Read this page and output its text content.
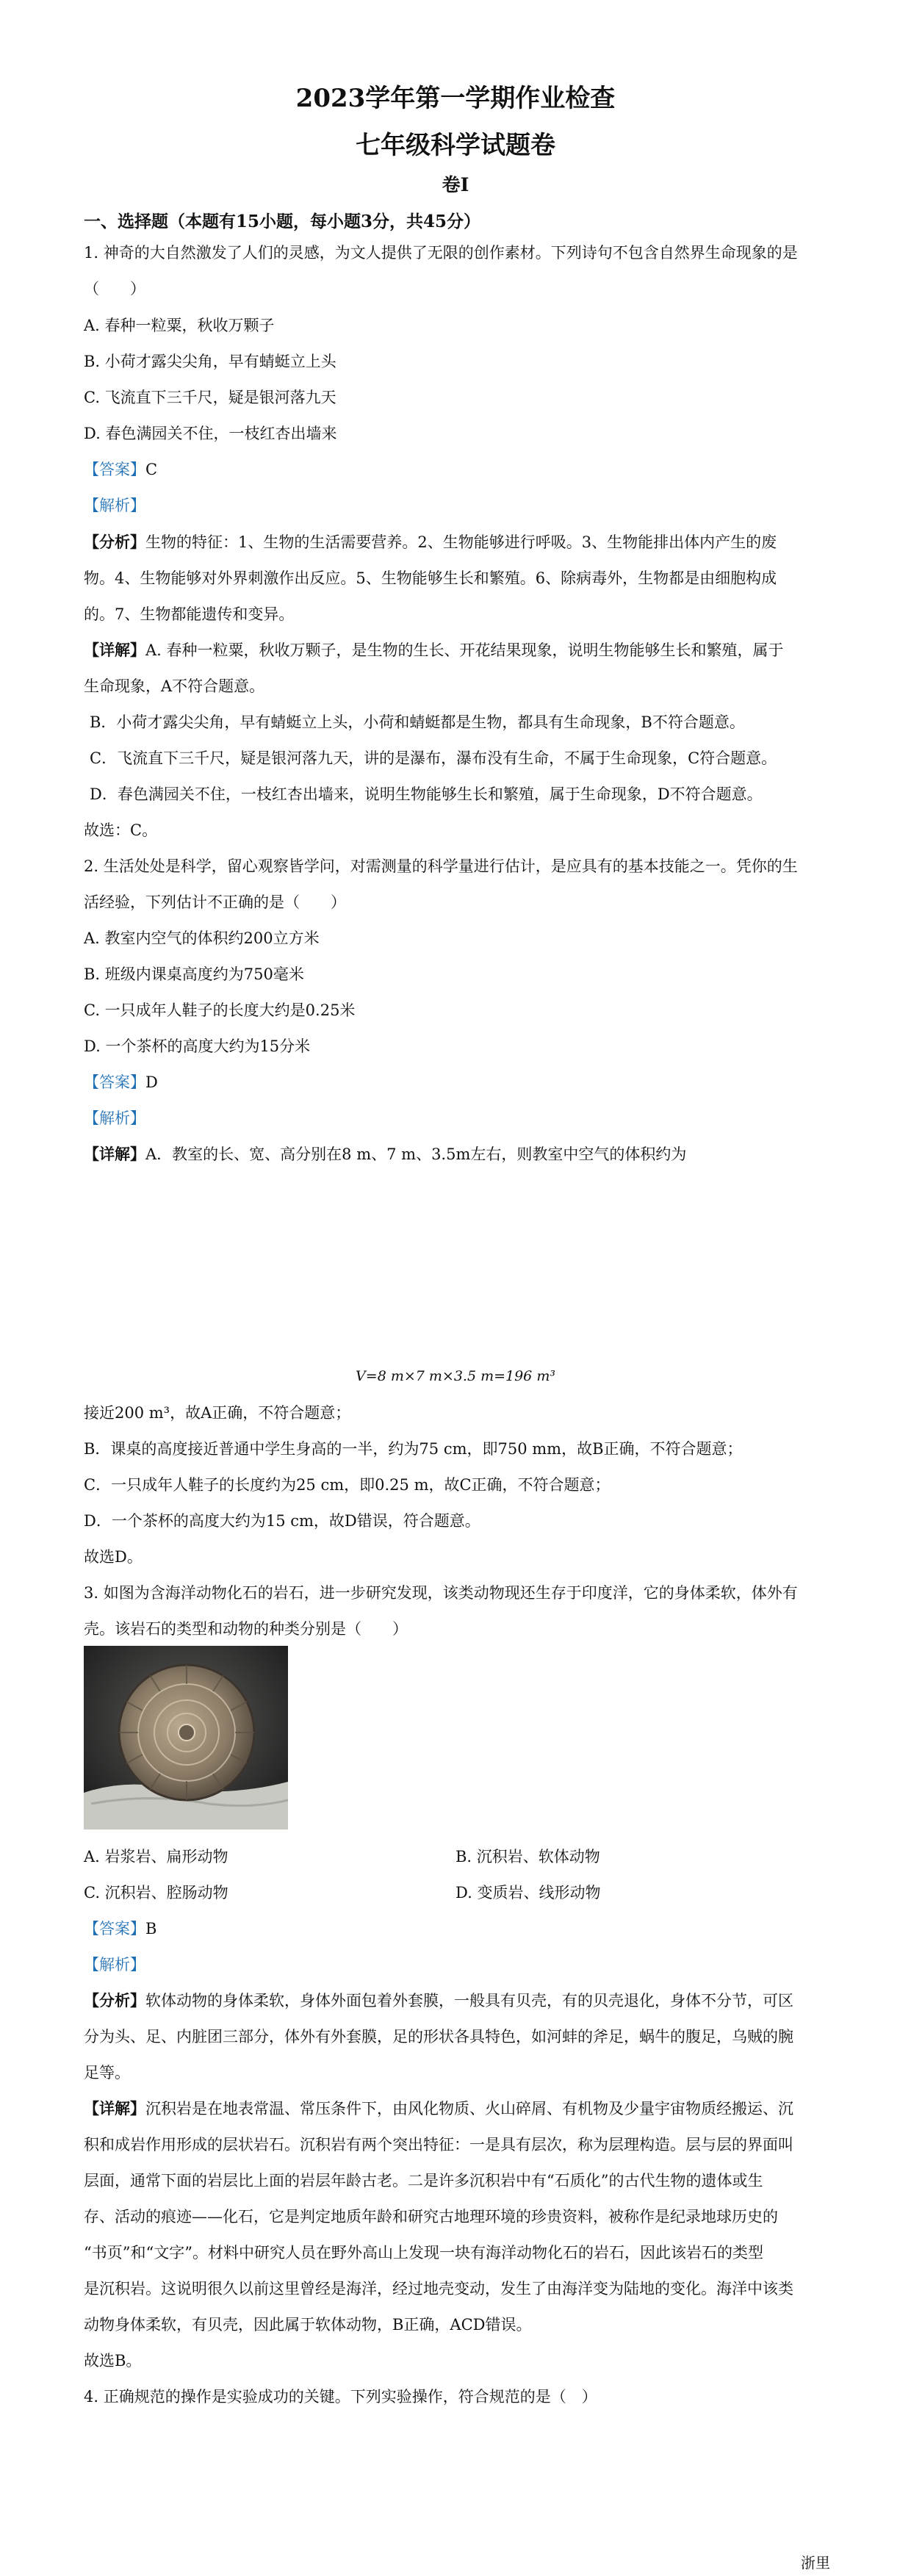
2023学年第一学期作业检查
七年级科学试题卷
卷Ⅰ
一、选择题（本题有15小题，每小题3分，共45分）
1. 神奇的大自然激发了人们的灵感，为文人提供了无限的创作素材。下列诗句不包含自然界生命现象的是
（　　）
A. 春种一粒粟，秋收万颗子
B. 小荷才露尖尖角，早有蜻蜓立上头
C. 飞流直下三千尺，疑是银河落九天
D. 春色满园关不住，一枝红杏出墙来
【答案】C
【解析】
【分析】生物的特征：1、生物的生活需要营养。2、生物能够进行呼吸。3、生物能排出体内产生的废
物。4、生物能够对外界刺激作出反应。5、生物能够生长和繁殖。6、除病毒外，生物都是由细胞构成
的。7、生物都能遗传和变异。
【详解】A. 春种一粒粟，秋收万颗子，是生物的生长、开花结果现象，说明生物能够生长和繁殖，属于
生命现象，A不符合题意。
B．小荷才露尖尖角，早有蜻蜓立上头，小荷和蜻蜓都是生物，都具有生命现象，B不符合题意。
C．飞流直下三千尺，疑是银河落九天，讲的是瀑布，瀑布没有生命，不属于生命现象，C符合题意。
D．春色满园关不住，一枝红杏出墙来，说明生物能够生长和繁殖，属于生命现象，D不符合题意。
故选：C。
2. 生活处处是科学，留心观察皆学问，对需测量的科学量进行估计，是应具有的基本技能之一。凭你的生
活经验，下列估计不正确的是（　　）
A. 教室内空气的体积约200立方米
B. 班级内课桌高度约为750毫米
C. 一只成年人鞋子的长度大约是0.25米
D. 一个茶杯的高度大约为15分米
【答案】D
【解析】
【详解】A．教室的长、宽、高分别在8 m、7 m、3.5m左右，则教室中空气的体积约为
V=8 m×7 m×3.5 m=196 m³
接近200 m³，故A正确，不符合题意；
B．课桌的高度接近普通中学生身高的一半，约为75 cm，即750 mm，故B正确，不符合题意；
C．一只成年人鞋子的长度约为25 cm，即0.25 m，故C正确，不符合题意；
D．一个茶杯的高度大约为15 cm，故D错误，符合题意。
故选D。
3. 如图为含海洋动物化石的岩石，进一步研究发现，该类动物现还生存于印度洋，它的身体柔软，体外有
壳。该岩石的类型和动物的种类分别是（　　）
A. 岩浆岩、扁形动物	B. 沉积岩、软体动物
C. 沉积岩、腔肠动物	D. 变质岩、线形动物
【答案】B
【解析】
【分析】软体动物的身体柔软，身体外面包着外套膜，一般具有贝壳，有的贝壳退化，身体不分节，可区
分为头、足、内脏团三部分，体外有外套膜，足的形状各具特色，如河蚌的斧足，蜗牛的腹足，乌贼的腕
足等。
【详解】沉积岩是在地表常温、常压条件下，由风化物质、火山碎屑、有机物及少量宇宙物质经搬运、沉
积和成岩作用形成的层状岩石。沉积岩有两个突出特征：一是具有层次，称为层理构造。层与层的界面叫
层面，通常下面的岩层比上面的岩层年龄古老。二是许多沉积岩中有“石质化”的古代生物的遗体或生
存、活动的痕迹——化石，它是判定地质年龄和研究古地理环境的珍贵资料，被称作是纪录地球历史的
“书页”和“文字”。材料中研究人员在野外高山上发现一块有海洋动物化石的岩石，因此该岩石的类型
是沉积岩。这说明很久以前这里曾经是海洋，经过地壳变动，发生了由海洋变为陆地的变化。海洋中该类
动物身体柔软，有贝壳，因此属于软体动物，B正确，ACD错误。
故选B。
4. 正确规范的操作是实验成功的关键。下列实验操作，符合规范的是（　）
浙里
